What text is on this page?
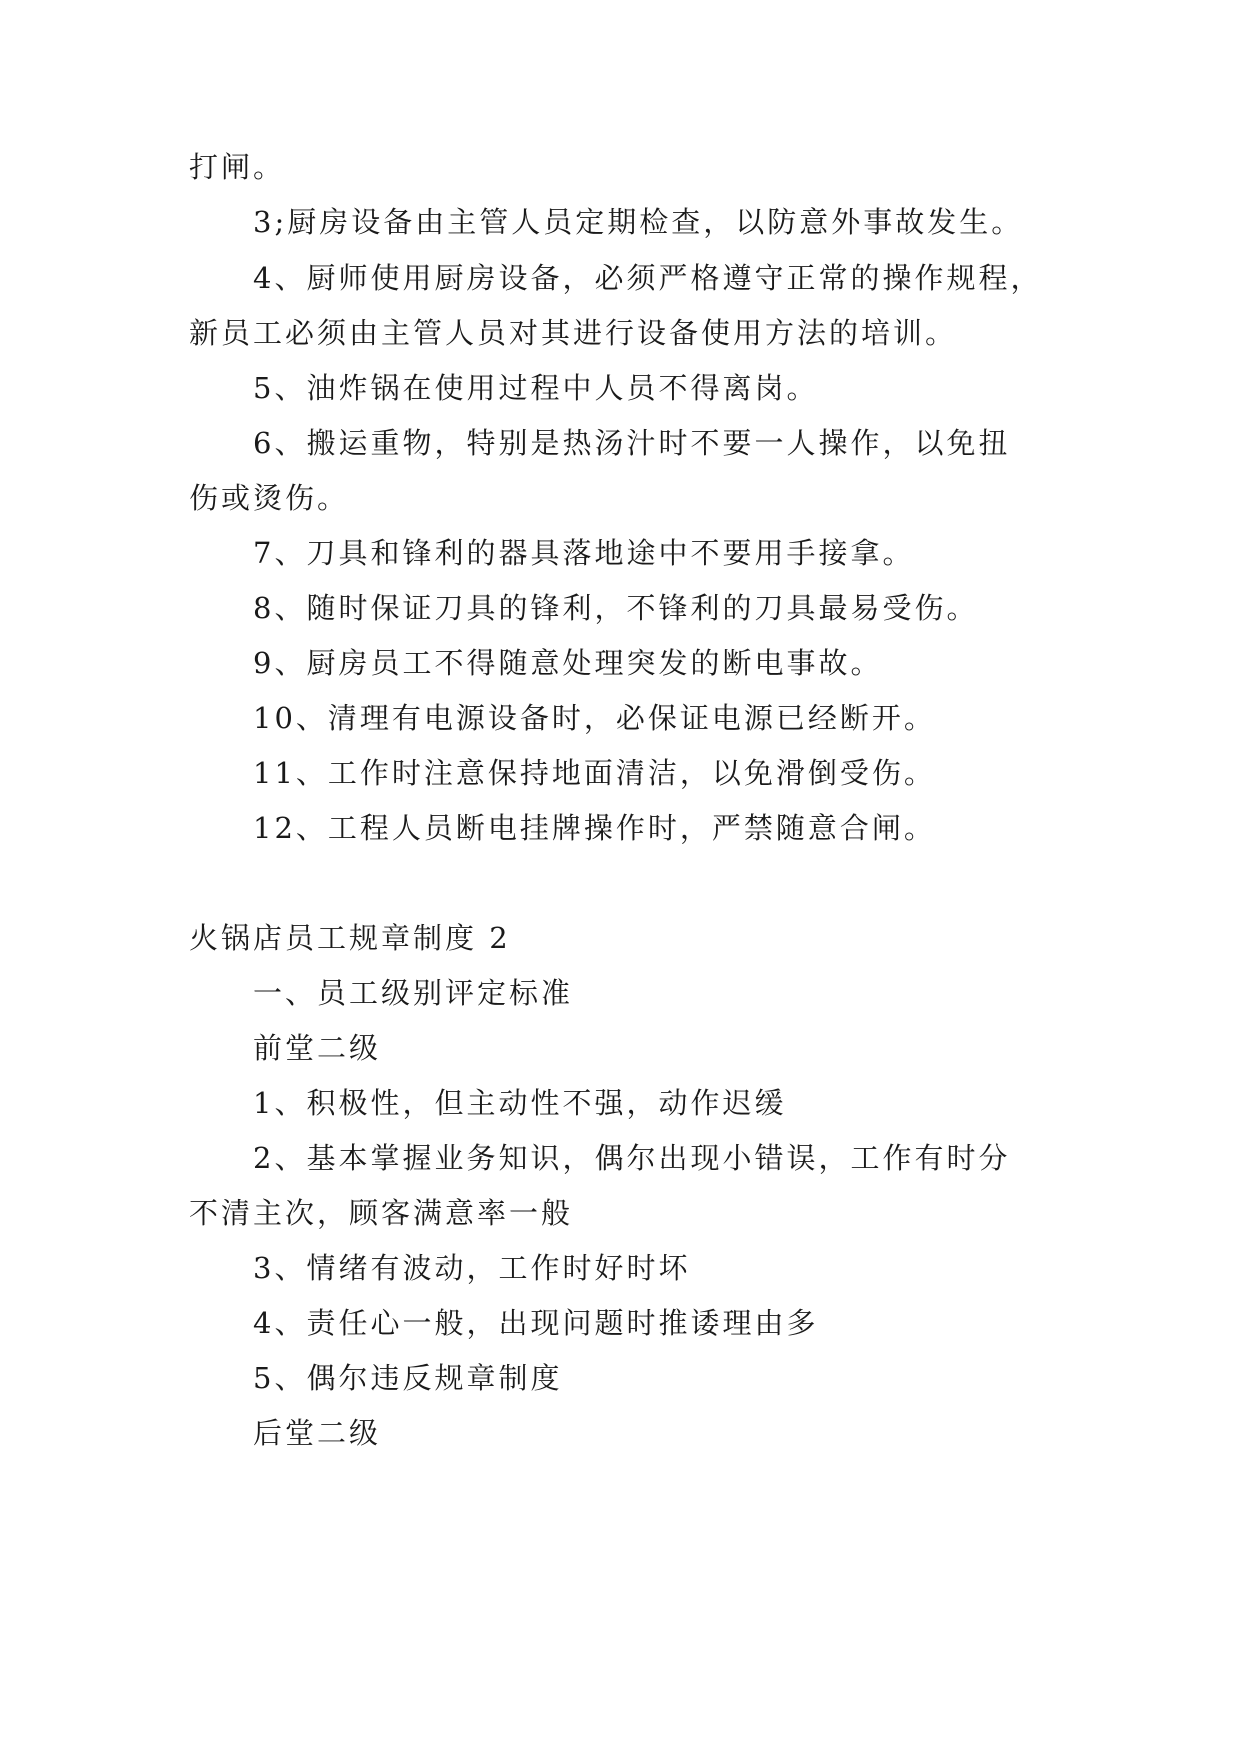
打闸。
3;厨房设备由主管人员定期检查，以防意外事故发生。
4、厨师使用厨房设备，必须严格遵守正常的操作规程，
新员工必须由主管人员对其进行设备使用方法的培训。
5、油炸锅在使用过程中人员不得离岗。
6、搬运重物，特别是热汤汁时不要一人操作，以免扭
伤或烫伤。
7、刀具和锋利的器具落地途中不要用手接拿。
8、随时保证刀具的锋利，不锋利的刀具最易受伤。
9、厨房员工不得随意处理突发的断电事故。
10、清理有电源设备时，必保证电源已经断开。
11、工作时注意保持地面清洁，以免滑倒受伤。
12、工程人员断电挂牌操作时，严禁随意合闸。
火锅店员工规章制度 2
一、员工级别评定标准
前堂二级
1、积极性，但主动性不强，动作迟缓
2、基本掌握业务知识，偶尔出现小错误，工作有时分
不清主次，顾客满意率一般
3、情绪有波动，工作时好时坏
4、责任心一般，出现问题时推诿理由多
5、偶尔违反规章制度
后堂二级
